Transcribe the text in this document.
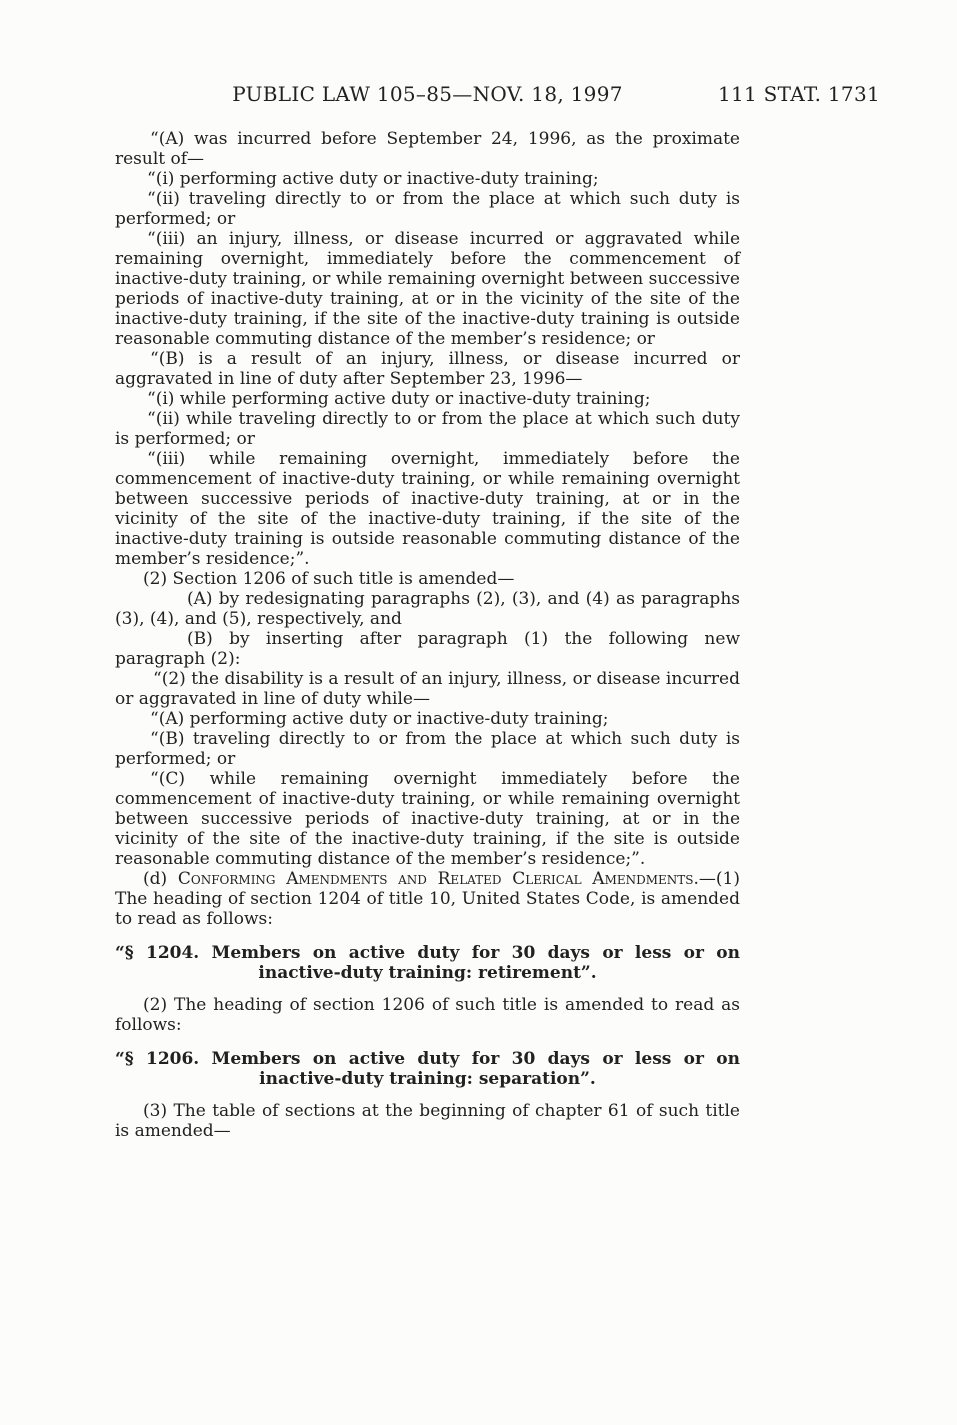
PUBLIC LAW 105–85—NOV. 18, 1997	111 STAT. 1731

“(A) was incurred before September 24, 1996, as the proximate result of—

“(i) performing active duty or inactive-duty training;

“(ii) traveling directly to or from the place at which such duty is performed; or

“(iii) an injury, illness, or disease incurred or aggravated while remaining overnight, immediately before the commencement of inactive-duty training, or while remaining overnight between successive periods of inactive-duty training, at or in the vicinity of the site of the inactive-duty training, if the site of the inactive-duty training is outside reasonable commuting distance of the member’s residence; or

“(B) is a result of an injury, illness, or disease incurred or aggravated in line of duty after September 23, 1996—

“(i) while performing active duty or inactive-duty training;

“(ii) while traveling directly to or from the place at which such duty is performed; or

“(iii) while remaining overnight, immediately before the commencement of inactive-duty training, or while remaining overnight between successive periods of inactive-duty training, at or in the vicinity of the site of the inactive-duty training, if the site of the inactive-duty training is outside reasonable commuting distance of the member’s residence;”.

(2) Section 1206 of such title is amended—

(A) by redesignating paragraphs (2), (3), and (4) as paragraphs (3), (4), and (5), respectively, and

(B) by inserting after paragraph (1) the following new paragraph (2):

“(2) the disability is a result of an injury, illness, or disease incurred or aggravated in line of duty while—

“(A) performing active duty or inactive-duty training;

“(B) traveling directly to or from the place at which such duty is performed; or

“(C) while remaining overnight immediately before the commencement of inactive-duty training, or while remaining overnight between successive periods of inactive-duty training, at or in the vicinity of the site of the inactive-duty training, if the site is outside reasonable commuting distance of the member’s residence;”.

(d) Conforming Amendments and Related Clerical Amendments.—(1) The heading of section 1204 of title 10, United States Code, is amended to read as follows:

“§ 1204. Members on active duty for 30 days or less or on
inactive-duty training: retirement”.

(2) The heading of section 1206 of such title is amended to read as follows:

“§ 1206. Members on active duty for 30 days or less or on
inactive-duty training: separation”.

(3) The table of sections at the beginning of chapter 61 of such title is amended—
